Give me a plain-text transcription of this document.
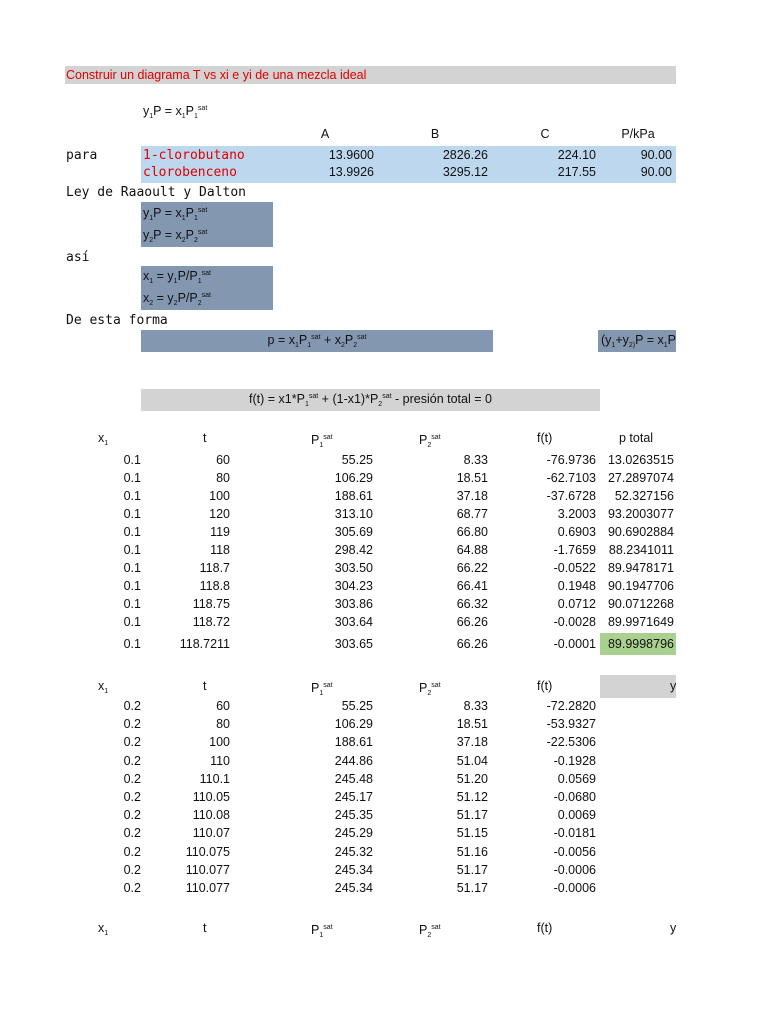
Construir un diagrama T vs xi e yi de una mezcla ideal
$y_1P = x_1P_1^{sat}$
A	B	C	P/kPa
para	1-clorobutano	13.9600	2826.26	224.10	90.00
clorobenceno	13.9926	3295.12	217.55	90.00
Ley de Raaoult y Dalton
$y_1P = x_1P_1^{sat}$
$y_2P = x_2P_2^{sat}$
así
$x_1 = y_1P/P_1^{sat}$
$x_2 = y_2P/P_2^{sat}$
De esta forma
$p = x_1P_1^{sat} + x_2P_2^{sat}$	($y_1+y_{2)}P = x_1P$
$f(t) = x1*P_1^{sat} + (1-x1)*P_2^{sat}$ - presión total = 0
$x_1$	t	$P_1^{sat}$	$P_2^{sat}$	f(t)	p total
0.1	60	55.25	8.33	-76.9736 13.0263515
0.1	80	106.29	18.51	-62.7103 27.2897074
0.1	100	188.61	37.18	-37.6728	52.327156
0.1	120	313.10	68.77	3.2003 93.2003077
0.1	119	305.69	66.80	0.6903 90.6902884
0.1	118	298.42	64.88	-1.7659	88.2341011
0.1	118.7	303.50	66.22	-0.0522 89.9478171
0.1	118.8	304.23	66.41	0.1948 90.1947706
0.1	118.75	303.86	66.32	0.0712 90.0712268
0.1	118.72	303.64	66.26	-0.0028 89.9971649
0.1	118.7211	303.65	66.26	-0.0001 89.9998796
$x_1$	t	$P_1^{sat}$	$P_2^{sat}$	f(t)	y
0.2	60	55.25	8.33	-72.2820
0.2	80	106.29	18.51	-53.9327
0.2	100	188.61	37.18	-22.5306
0.2	110	244.86	51.04	-0.1928
0.2	110.1	245.48	51.20	0.0569
0.2	110.05	245.17	51.12	-0.0680
0.2	110.08	245.35	51.17	0.0069
0.2	110.07	245.29	51.15	-0.0181
0.2	110.075	245.32	51.16	-0.0056
0.2	110.077	245.34	51.17	-0.0006
0.2	110.077	245.34	51.17	-0.0006
$x_1$	t	$P_1^{sat}$	$P_2^{sat}$	f(t)	y
